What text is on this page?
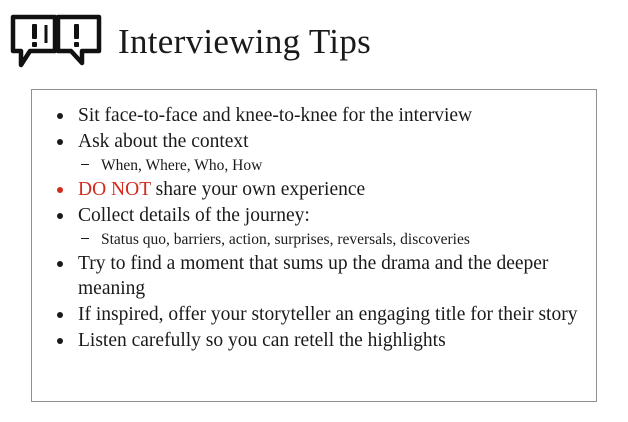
Interviewing Tips
Sit face-to-face and knee-to-knee for the interview
Ask about the context
When, Where, Who, How
DO NOT share your own experience
Collect details of the journey:
Status quo, barriers, action, surprises, reversals, discoveries
Try to find a moment that sums up the drama and the deeper meaning
If inspired, offer your storyteller an engaging title for their story
Listen carefully so you can retell the highlights
